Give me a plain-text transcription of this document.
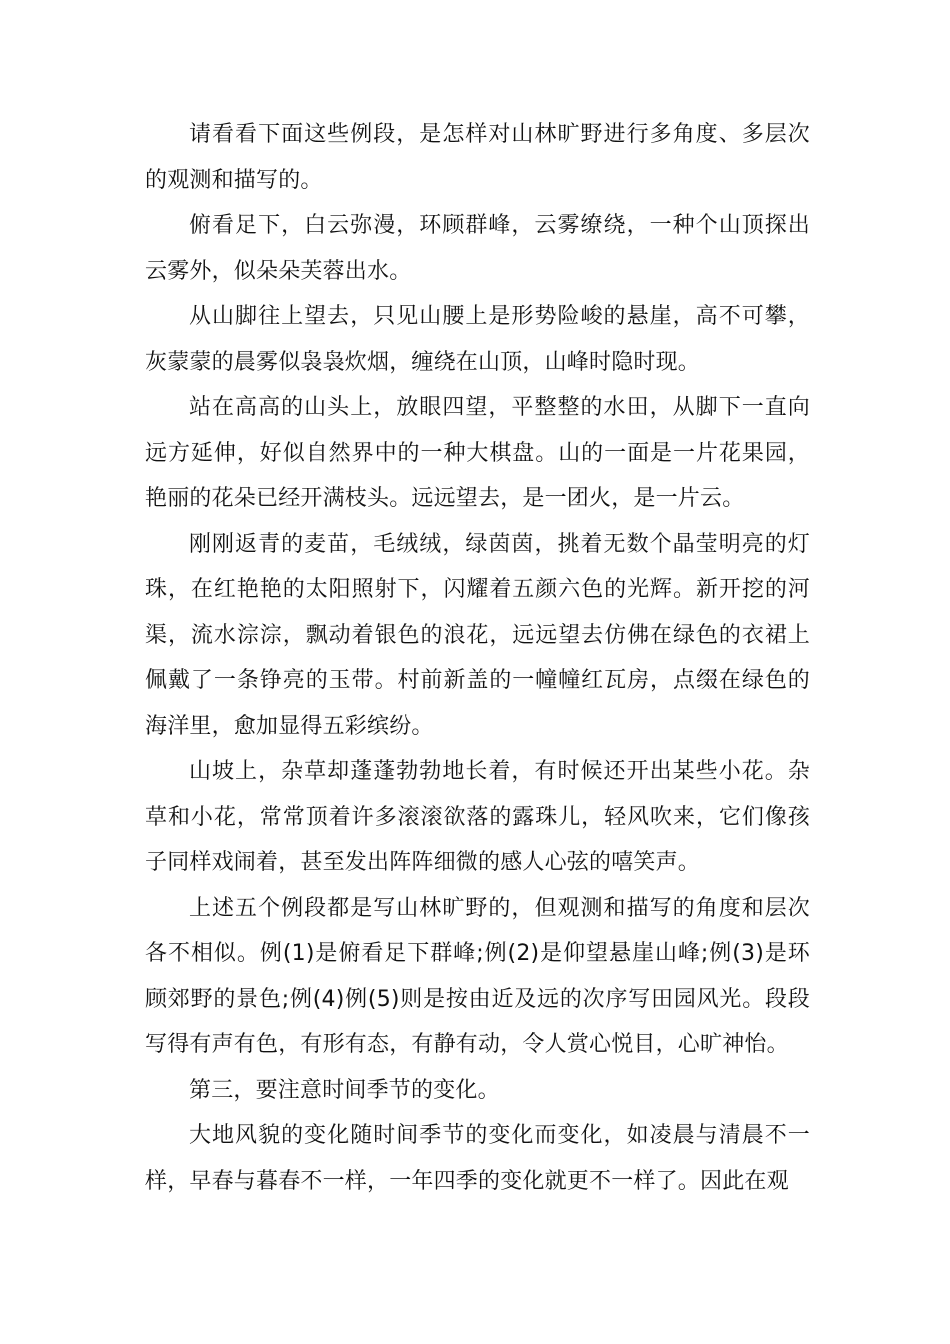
请看看下面这些例段，是怎样对山林旷野进行多角度、多层次的观测和描写的。

俯看足下，白云弥漫，环顾群峰，云雾缭绕，一种个山顶探出云雾外，似朵朵芙蓉出水。

从山脚往上望去，只见山腰上是形势险峻的悬崖，高不可攀，灰蒙蒙的晨雾似袅袅炊烟，缠绕在山顶，山峰时隐时现。

站在高高的山头上，放眼四望，平整整的水田，从脚下一直向远方延伸，好似自然界中的一种大棋盘。山的一面是一片花果园，艳丽的花朵已经开满枝头。远远望去，是一团火，是一片云。

刚刚返青的麦苗，毛绒绒，绿茵茵，挑着无数个晶莹明亮的灯珠，在红艳艳的太阳照射下，闪耀着五颜六色的光辉。新开挖的河渠，流水淙淙，飘动着银色的浪花，远远望去仿佛在绿色的衣裙上佩戴了一条铮亮的玉带。村前新盖的一幢幢红瓦房，点缀在绿色的海洋里，愈加显得五彩缤纷。

山坡上，杂草却蓬蓬勃勃地长着，有时候还开出某些小花。杂草和小花，常常顶着许多滚滚欲落的露珠儿，轻风吹来，它们像孩子同样戏闹着，甚至发出阵阵细微的感人心弦的嘻笑声。

上述五个例段都是写山林旷野的，但观测和描写的角度和层次各不相似。例(1)是俯看足下群峰;例(2)是仰望悬崖山峰;例(3)是环顾郊野的景色;例(4)例(5)则是按由近及远的次序写田园风光。段段写得有声有色，有形有态，有静有动，令人赏心悦目，心旷神怡。

第三，要注意时间季节的变化。

大地风貌的变化随时间季节的变化而变化，如凌晨与清晨不一样，早春与暮春不一样，一年四季的变化就更不一样了。因此在观
